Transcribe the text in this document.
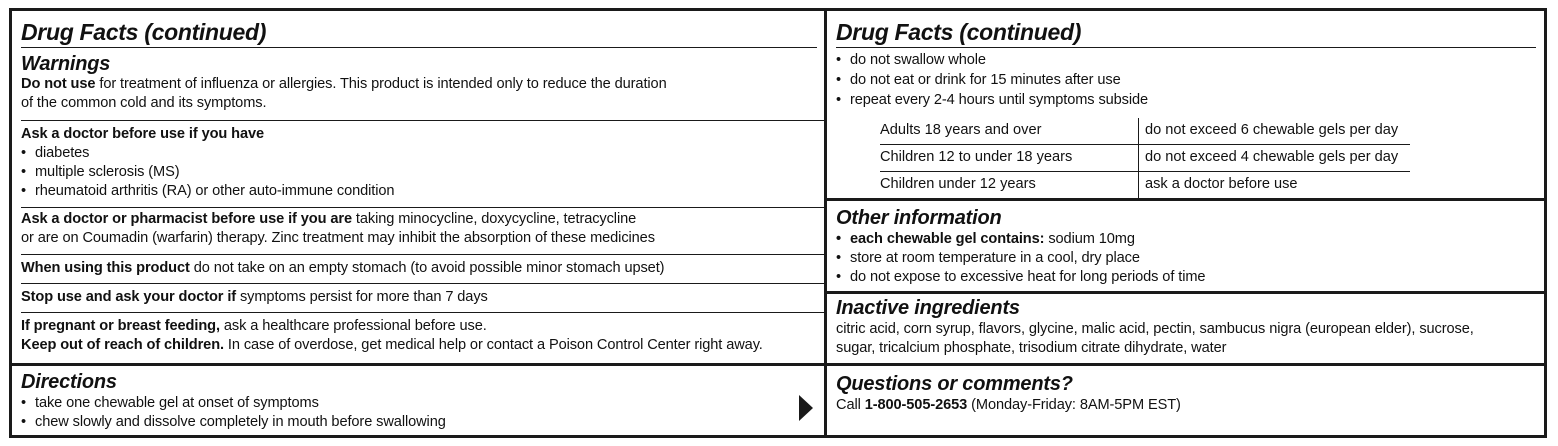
Drug Facts (continued)
Warnings
Do not use for treatment of influenza or allergies. This product is intended only to reduce the duration
of the common cold and its symptoms.
Ask a doctor before use if you have
• diabetes
• multiple sclerosis (MS)
• rheumatoid arthritis (RA) or other auto-immune condition
Ask a doctor or pharmacist before use if you are taking minocycline, doxycycline, tetracycline
or are on Coumadin (warfarin) therapy. Zinc treatment may inhibit the absorption of these medicines
When using this product do not take on an empty stomach (to avoid possible minor stomach upset)
Stop use and ask your doctor if symptoms persist for more than 7 days
If pregnant or breast feeding, ask a healthcare professional before use.
Keep out of reach of children. In case of overdose, get medical help or contact a Poison Control Center right away.
Directions
• take one chewable gel at onset of symptoms
• chew slowly and dissolve completely in mouth before swallowing
Drug Facts (continued)
• do not swallow whole
• do not eat or drink for 15 minutes after use
• repeat every 2-4 hours until symptoms subside
Adults 18 years and over	do not exceed 6 chewable gels per day
Children 12 to under 18 years	do not exceed 4 chewable gels per day
Children under 12 years	ask a doctor before use
Other information
• each chewable gel contains: sodium 10mg
• store at room temperature in a cool, dry place
• do not expose to excessive heat for long periods of time
Inactive ingredients
citric acid, corn syrup, flavors, glycine, malic acid, pectin, sambucus nigra (european elder), sucrose,
sugar, tricalcium phosphate, trisodium citrate dihydrate, water
Questions or comments?
Call 1-800-505-2653 (Monday-Friday: 8AM-5PM EST)
